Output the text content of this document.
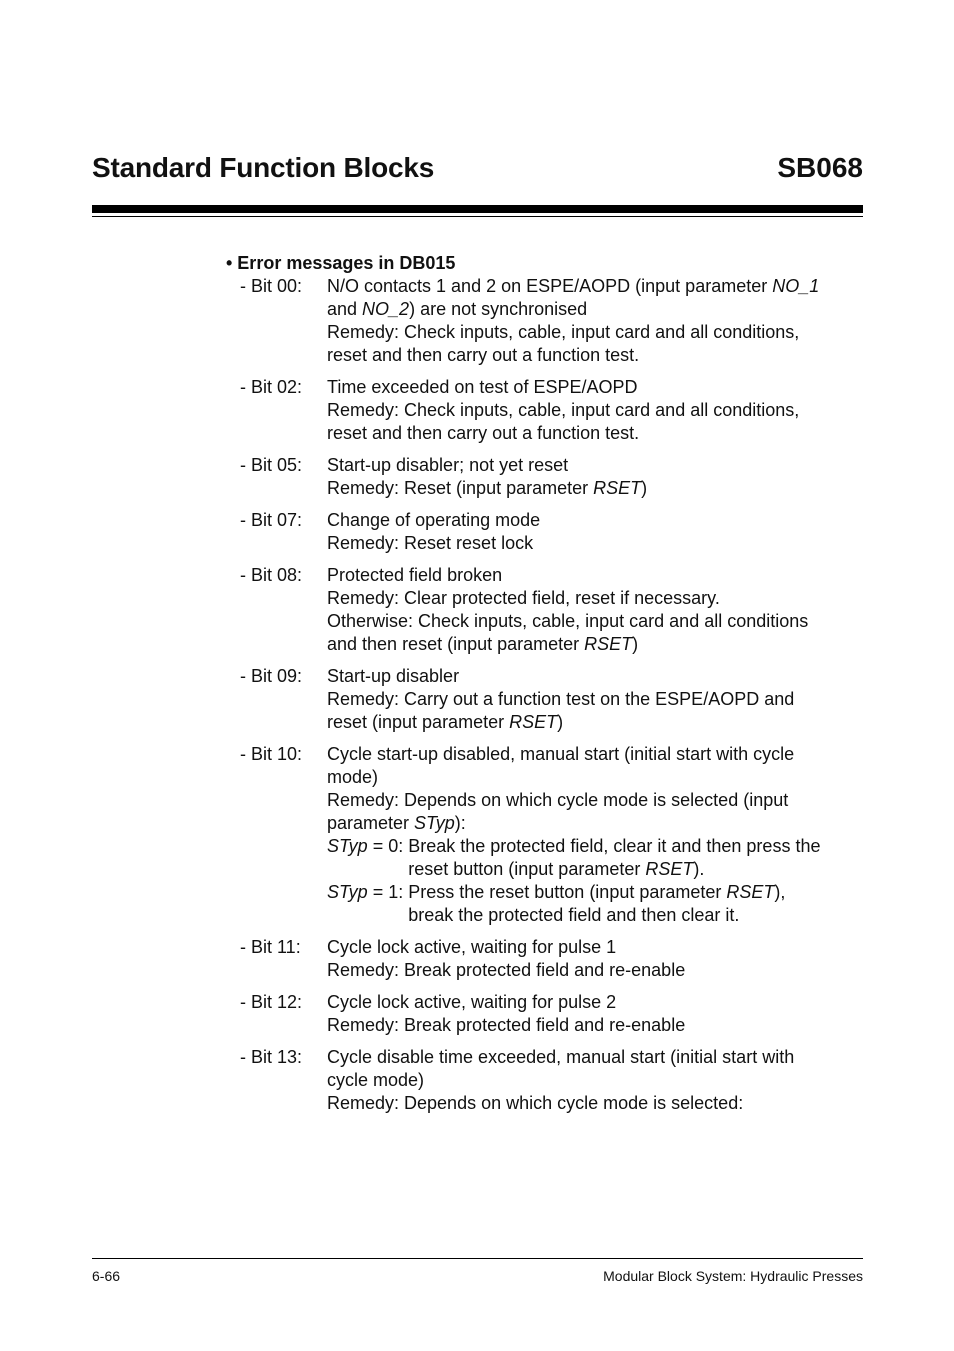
Standard Function Blocks	SB068
• Error messages in DB015
- Bit 00:	N/O contacts 1 and 2 on ESPE/AOPD (input parameter NO_1
and NO_2) are not synchronised
Remedy: Check inputs, cable, input card and all conditions,
reset and then carry out a function test.
- Bit 02:	Time exceeded on test of ESPE/AOPD
Remedy: Check inputs, cable, input card and all conditions,
reset and then carry out a function test.
- Bit 05:	Start-up disabler; not yet reset
Remedy: Reset (input parameter RSET)
- Bit 07:	Change of operating mode
Remedy: Reset reset lock
- Bit 08:	Protected field broken
Remedy: Clear protected field, reset if necessary.
Otherwise: Check inputs, cable, input card and all conditions
and then reset (input parameter RSET)
- Bit 09:	Start-up disabler
Remedy: Carry out a function test on the ESPE/AOPD and
reset (input parameter RSET)
- Bit 10:	Cycle start-up disabled, manual start (initial start with cycle
mode)
Remedy: Depends on which cycle mode is selected (input
parameter STyp):
STyp = 0: Break the protected field, clear it and then press the
reset button (input parameter RSET).
STyp = 1: Press the reset button (input parameter RSET),
break the protected field and then clear it.
- Bit 11:	Cycle lock active, waiting for pulse 1
Remedy: Break protected field and re-enable
- Bit 12:	Cycle lock active, waiting for pulse 2
Remedy: Break protected field and re-enable
- Bit 13:	Cycle disable time exceeded, manual start (initial start with
cycle mode)
Remedy: Depends on which cycle mode is selected:
6-66	Modular Block System: Hydraulic Presses
